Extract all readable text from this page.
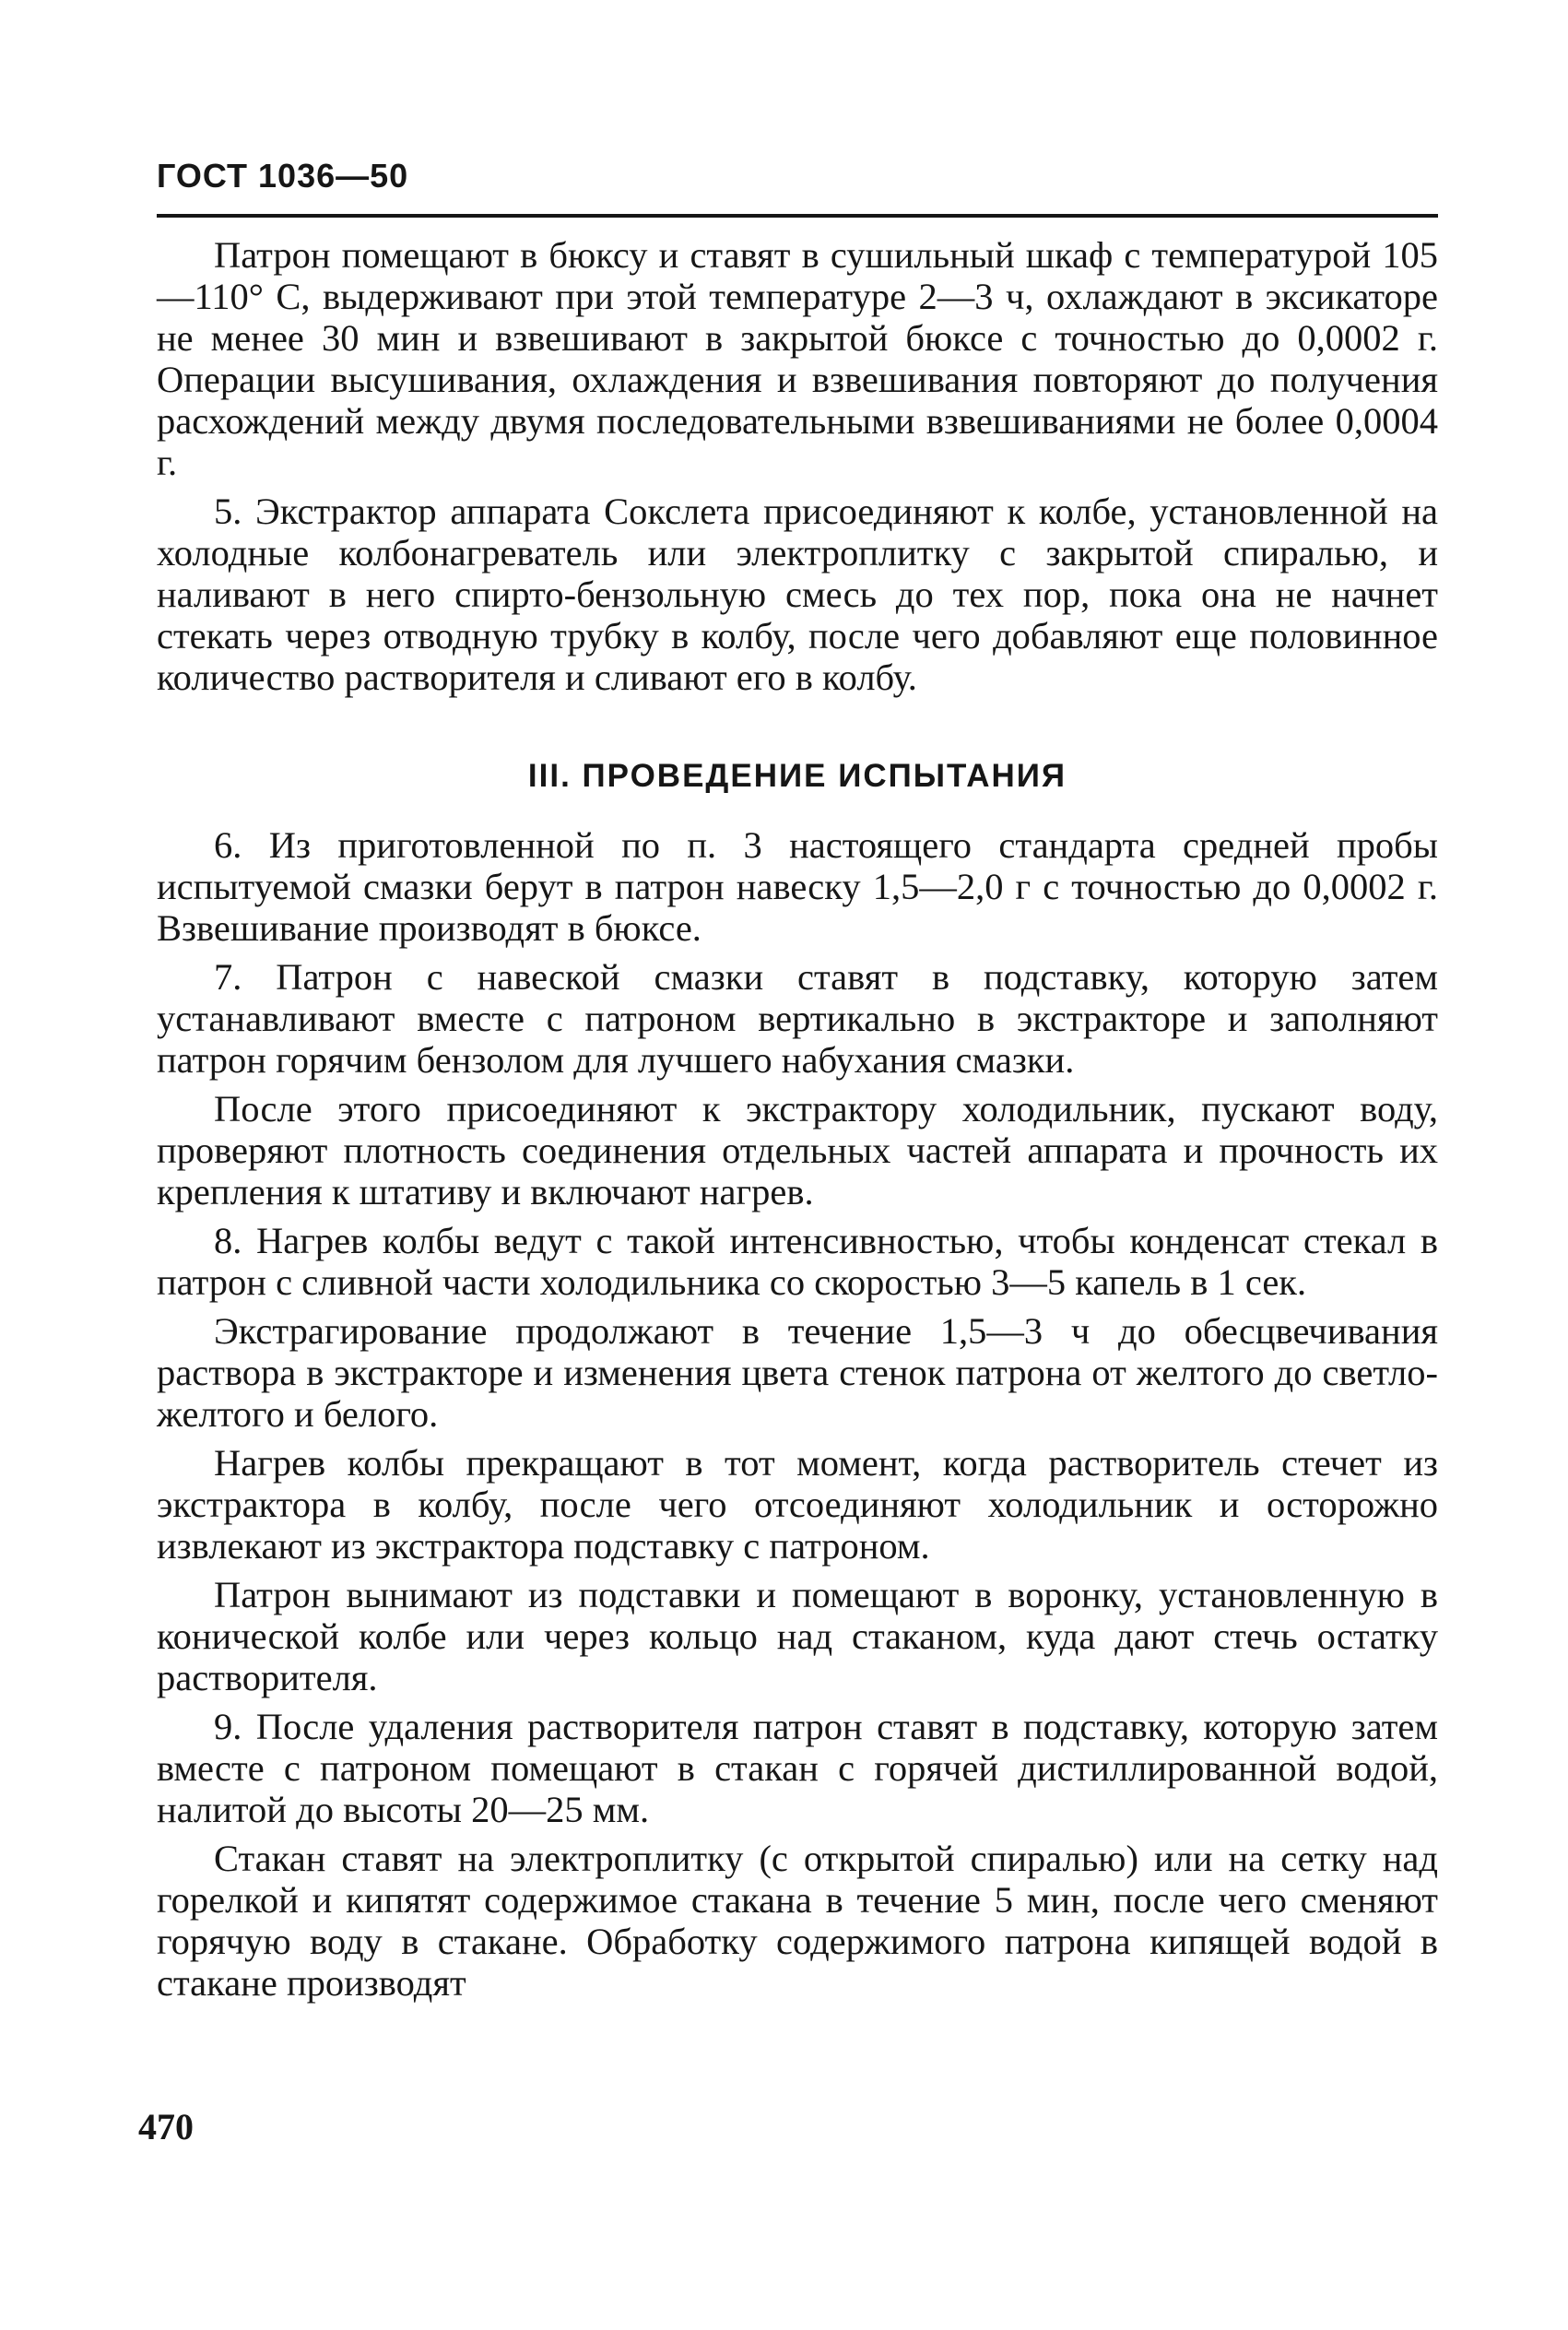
ГОСТ 1036—50

Патрон помещают в бюксу и ставят в сушильный шкаф с температурой 105—110° С, выдерживают при этой температуре 2—3 ч, охлаждают в эксикаторе не менее 30 мин и взвешивают в закрытой бюксе с точностью до 0,0002 г. Операции высушивания, охлаждения и взвешивания повторяют до получения расхождений между двумя последовательными взвешиваниями не более 0,0004 г.

5. Экстрактор аппарата Сокслета присоединяют к колбе, установленной на холодные колбонагреватель или электроплитку с закрытой спиралью, и наливают в него спирто-бензольную смесь до тех пор, пока она не начнет стекать через отводную трубку в колбу, после чего добавляют еще половинное количество растворителя и сливают его в колбу.

III. ПРОВЕДЕНИЕ ИСПЫТАНИЯ

6. Из приготовленной по п. 3 настоящего стандарта средней пробы испытуемой смазки берут в патрон навеску 1,5—2,0 г с точностью до 0,0002 г. Взвешивание производят в бюксе.

7. Патрон с навеской смазки ставят в подставку, которую затем устанавливают вместе с патроном вертикально в экстракторе и заполняют патрон горячим бензолом для лучшего набухания смазки.

После этого присоединяют к экстрактору холодильник, пускают воду, проверяют плотность соединения отдельных частей аппарата и прочность их крепления к штативу и включают нагрев.

8. Нагрев колбы ведут с такой интенсивностью, чтобы конденсат стекал в патрон с сливной части холодильника со скоростью 3—5 капель в 1 сек.

Экстрагирование продолжают в течение 1,5—3 ч до обесцвечивания раствора в экстракторе и изменения цвета стенок патрона от желтого до светло-желтого и белого.

Нагрев колбы прекращают в тот момент, когда растворитель стечет из экстрактора в колбу, после чего отсоединяют холодильник и осторожно извлекают из экстрактора подставку с патроном.

Патрон вынимают из подставки и помещают в воронку, установленную в конической колбе или через кольцо над стаканом, куда дают стечь остатку растворителя.

9. После удаления растворителя патрон ставят в подставку, которую затем вместе с патроном помещают в стакан с горячей дистиллированной водой, налитой до высоты 20—25 мм.

Стакан ставят на электроплитку (с открытой спиралью) или на сетку над горелкой и кипятят содержимое стакана в течение 5 мин, после чего сменяют горячую воду в стакане. Обработку содержимого патрона кипящей водой в стакане производят

470
